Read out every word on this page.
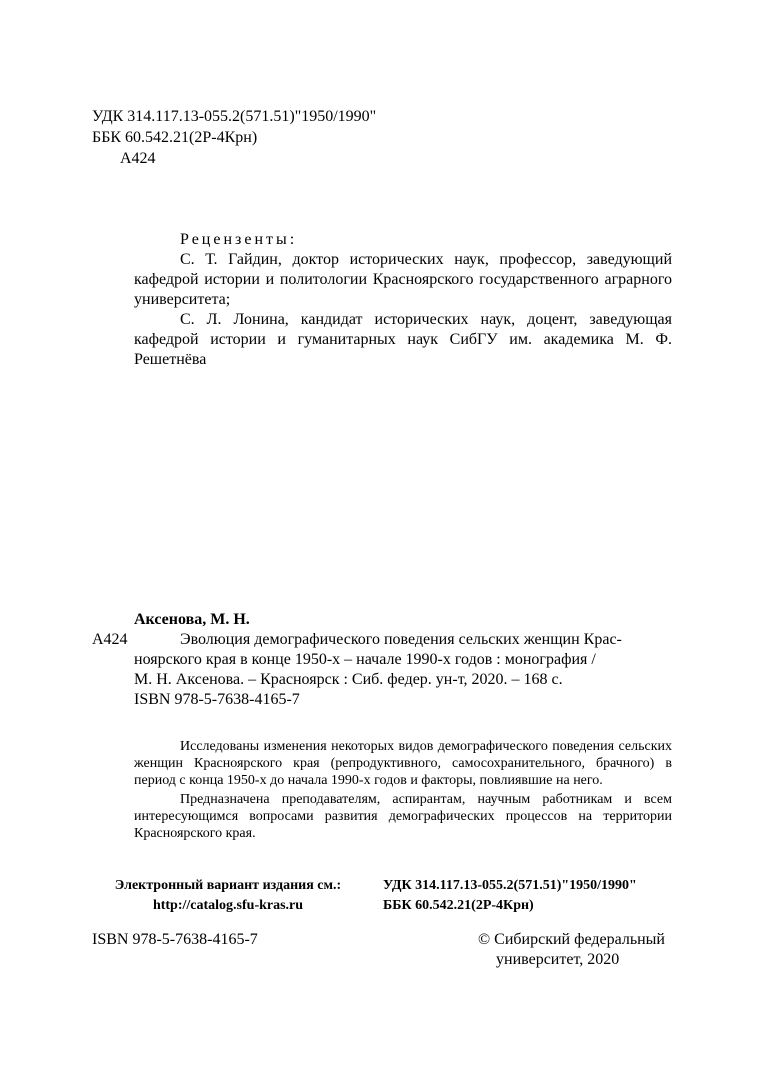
УДК 314.117.13-055.2(571.51)"1950/1990"
ББК 60.542.21(2Р-4Крн)
А424
Рецензенты:
С. Т. Гайдин, доктор исторических наук, профессор, заведующий кафедрой истории и политологии Красноярского государственного аграрного университета;
С. Л. Лонина, кандидат исторических наук, доцент, заведующая кафедрой истории и гуманитарных наук СибГУ им. академика М. Ф. Решетнёва
Аксенова, М. Н.
А424	Эволюция демографического поведения сельских женщин Крас-
ноярского края в конце 1950-х – начале 1990-х годов : монография /
М. Н. Аксенова. – Красноярск : Сиб. федер. ун-т, 2020. – 168 с.
ISBN 978-5-7638-4165-7

Исследованы изменения некоторых видов демографического поведения сельских женщин Красноярского края (репродуктивного, самосохранительного, брачного) в период с конца 1950-х до начала 1990-х годов и факторы, повлиявшие на него.

Предназначена преподавателям, аспирантам, научным работникам и всем интересующимся вопросами развития демографических процессов на территории Красноярского края.

Электронный вариант издания см.:
http://catalog.sfu-kras.ru
УДК 314.117.13-055.2(571.51)"1950/1990"
ББК 60.542.21(2Р-4Крн)
ISBN 978-5-7638-4165-7	© Сибирский федеральный
университет, 2020
